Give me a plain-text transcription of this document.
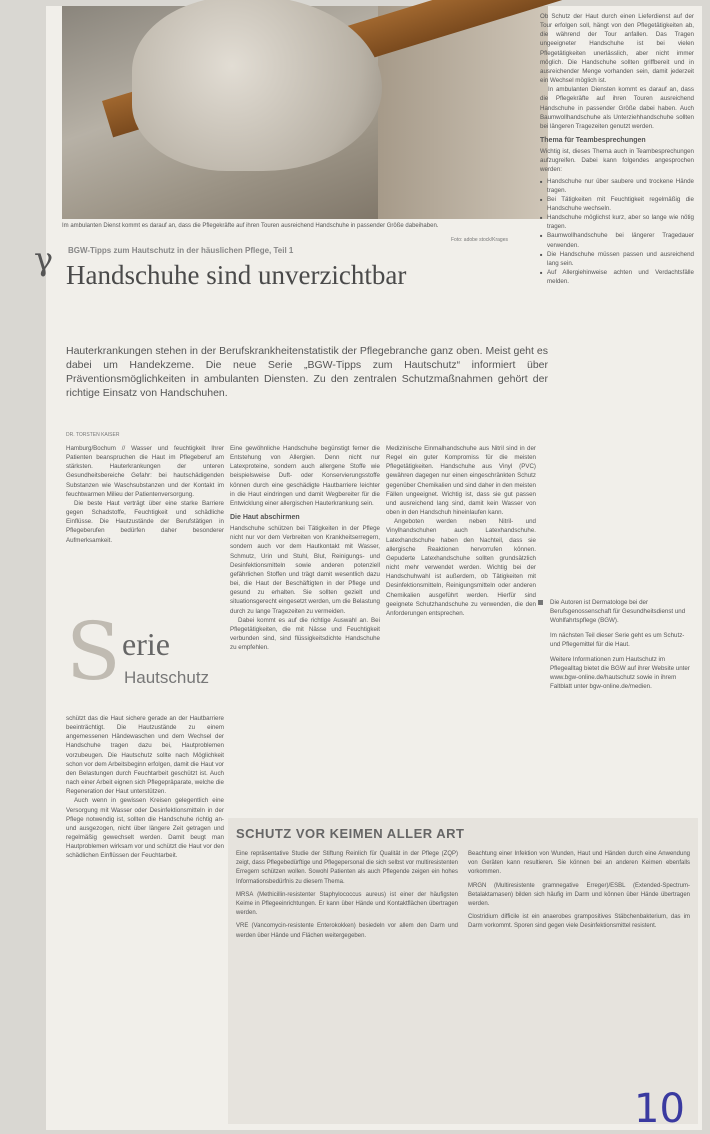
Im ambulanten Dienst kommt es darauf an, dass die Pflegekräfte auf ihren Touren ausreichend Handschuhe in passender Größe dabeihaben.
Foto: adobe stock/Krages
γ BGW-Tipps zum Hautschutz in der häuslichen Pflege, Teil 1
Handschuhe sind unverzichtbar
Hauterkrankungen stehen in der Berufskrankheitenstatistik der Pflegebranche ganz oben. Meist geht es dabei um Handekzeme. Die neue Serie „BGW-Tipps zum Hautschutz“ informiert über Präventionsmöglichkeiten in ambulanten Diensten. Zu den zentralen Schutzmaßnahmen gehört der richtige Einsatz von Handschuhen.
DR. TORSTEN KAISER

Hamburg/Bochum // Wasser und feuchtigkeit Ihrer Patienten beanspruchen die Haut im Pflegeberuf am stärksten. Hauterkrankungen der unteren Gesundheitsbereiche Gefahr: bei hautschädigenden Substanzen wie Waschsubstanzen und der Kontakt im feuchtwarmen Milieu der Patientenversorgung.

Die beste Haut verträgt über eine starke Barriere gegen Schadstoffe, Feuchtigkeit und schädliche Einflüsse. Die Hautzustände der Berufstätigen in Pflegeberufen bedürfen daher besonderer Aufmerksamkeit.

S erie
Hautschutz

schützt das die Haut sichere gerade an der Hautbarriere beeinträchtigt. Die Hautzustände zu einem angemessenen Händewaschen und dem Wechsel der Handschuhe tragen dazu bei, Hautproblemen vorzubeugen. Die Hautschutz sollte nach Möglichkeit schon vor dem Arbeitsbeginn erfolgen, damit die Haut vor den Belastungen durch Feuchtarbeit geschützt ist. Auch nach einer Arbeit eignen sich Pflegepräparate, welche die Regeneration der Haut unterstützen.

Auch wenn in gewissen Kreisen gelegentlich eine Versorgung mit Wasser oder Desinfektionsmitteln in der Pflege notwendig ist, sollten die Handschuhe richtig an- und ausgezogen, nicht über längere Zeit getragen und regelmäßig gewechselt werden. Damit beugt man Hautproblemen wirksam vor und schützt die Haut vor den schädlichen Einflüssen der Feuchtarbeit.

Eine gewöhnliche Handschuhe begünstigt ferner die Entstehung von Allergien. Denn nicht nur Latexproteine, sondern auch allergene Stoffe wie beispielsweise Duft- oder Konservierungsstoffe können durch eine geschädigte Hautbarriere leichter in die Haut eindringen und damit Wegbereiter für die Entwicklung einer allergischen Hauterkrankung sein.

Die Haut abschirmen

Handschuhe schützen bei Tätigkeiten in der Pflege nicht nur vor dem Verbreiten von Krankheitserregern, sondern auch vor dem Hautkontakt mit Wasser, Schmutz, Urin und Stuhl, Blut, Reinigungs- und Desinfektionsmitteln sowie anderen potenziell gefährlichen Stoffen und trägt damit wesentlich dazu bei, die Haut der Beschäftigten in der Pflege und gesund zu erhalten. Sie sollten gezielt und situationsgerecht eingesetzt werden, um die Belastung durch zu lange Tragezeiten zu vermeiden.

Dabei kommt es auf die richtige Auswahl an. Bei Pflegetätigkeiten, die mit Nässe und Feuchtigkeit verbunden sind, sind flüssigkeitsdichte Handschuhe zu empfehlen.

Medizinische Einmalhandschuhe aus Nitril sind in der Regel ein guter Kompromiss für die meisten Pflegetätigkeiten. Handschuhe aus Vinyl (PVC) gewähren dagegen nur einen eingeschränkten Schutz gegenüber Chemikalien und sind daher in den meisten Fällen ungeeignet. Wichtig ist, dass sie gut passen und ausreichend lang sind, damit kein Wasser von oben in den Handschuh hineinlaufen kann.

Angeboten werden neben Nitril- und Vinylhandschuhen auch Latexhandschuhe. Latexhandschuhe haben den Nachteil, dass sie allergische Reaktionen hervorrufen können. Gepuderte Latexhandschuhe sollten grundsätzlich nicht mehr verwendet werden. Wichtig bei der Handschuhwahl ist außerdem, ob Tätigkeiten mit Desinfektionsmitteln, Reinigungsmitteln oder anderen Chemikalien ausgeführt werden. Hierfür sind geeignete Schutzhandschuhe zu verwenden, die den Anforderungen entsprechen.

Ob Schutz der Haut durch einen Lieferdienst auf der Tour erfolgen soll, hängt von den Pflegetätigkeiten ab, die während der Tour anfallen. Das Tragen ungeeigneter Handschuhe ist bei vielen Pflegetätigkeiten unerlässlich, aber nicht immer möglich. Die Handschuhe sollten griffbereit und in ausreichender Menge vorhanden sein, damit jederzeit ein Wechsel möglich ist.

In ambulanten Diensten kommt es darauf an, dass die Pflegekräfte auf ihren Touren ausreichend Handschuhe in passender Größe dabei haben. Auch Baumwollhandschuhe als Unterziehhandschuhe sollten bei längeren Tragezeiten genutzt werden.

Thema für Teambesprechungen

Wichtig ist, dieses Thema auch in Teambesprechungen aufzugreifen. Dabei kann folgendes angesprochen werden:

■ Handschuhe nur über saubere und trockene Hände tragen.
■ Bei Tätigkeiten mit Feuchtigkeit regelmäßig die Handschuhe wechseln.
■ Handschuhe möglichst kurz, aber so lange wie nötig tragen.
■ Baumwollhandschuhe bei längerer Tragedauer verwenden.
■ Die Handschuhe müssen passen und ausreichend lang sein.
■ Auf Allergiehinweise achten und Verdachtsfälle melden.

Die Autoren ist Dermatologe bei der Berufsgenossenschaft für Gesundheitsdienst und Wohlfahrtspflege (BGW).

Im nächsten Teil dieser Serie geht es um Schutz- und Pflegemittel für die Haut.

Weitere Informationen zum Hautschutz im Pflegealltag bietet die BGW auf ihrer Website unter www.bgw-online.de/hautschutz sowie in ihrem Faltblatt unter bgw-online.de/medien.

SCHUTZ VOR KEIMEN ALLER ART

Eine repräsentative Studie der Stiftung Reinlich für Qualität in der Pflege (ZQP) zeigt, dass Pflegebedürftige und Pflegepersonal die sich selbst vor multiresistenten Erregern schützen wollen. Sowohl Patienten als auch Pflegende zeigen ein hohes Informationsbedürfnis zu diesem Thema.

MRSA (Methicillin-resistenter Staphylococcus aureus) ist einer der häufigsten Keime in Pflegeeinrichtungen. Er kann über Hände und Kontaktflächen übertragen werden.

VRE (Vancomycin-resistente Enterokokken) besiedeln vor allem den Darm und werden über Hände und Flächen weitergegeben.

Beachtung einer Infektion von Wunden, Haut und Händen durch eine Anwendung von Geräten kann resultieren. Sie können bei an anderen Keimen ebenfalls vorkommen.

MRGN (Multiresistente gramnegative Erreger)/ESBL (Extended-Spectrum-Betalaktamasen) bilden sich häufig im Darm und können über Hände übertragen werden.

Clostridium difficile ist ein anaerobes grampositives Stäbchenbakterium, das im Darm vorkommt. Sporen sind gegen viele Desinfektionsmittel resistent.

10
